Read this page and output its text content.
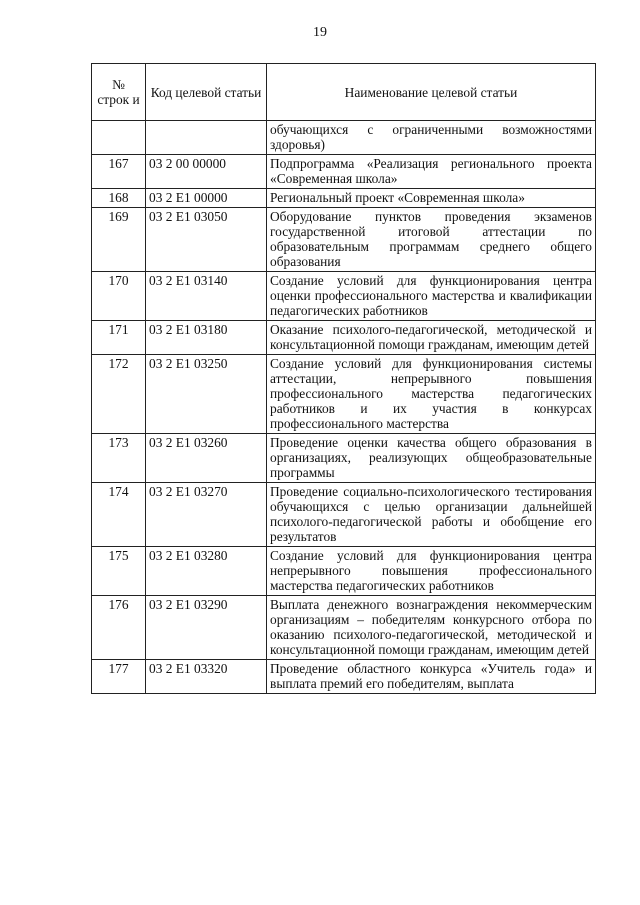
19
№ строк и	Код целевой статьи	Наименование целевой статьи
		обучающихся с ограниченными возможностями здоровья)
167	03 2 00 00000	Подпрограмма «Реализация регионального проекта «Современная школа»
168	03 2 E1 00000	Региональный проект «Современная школа»
169	03 2 E1 03050	Оборудование пунктов проведения экзаменов государственной итоговой аттестации по образовательным программам среднего общего образования
170	03 2 E1 03140	Создание условий для функционирования центра оценки профессионального мастерства и квалификации педагогических работников
171	03 2 E1 03180	Оказание психолого-педагогической, методической и консультационной помощи гражданам, имеющим детей
172	03 2 E1 03250	Создание условий для функционирования системы аттестации, непрерывного повышения профессионального мастерства педагогических работников и их участия в конкурсах профессионального мастерства
173	03 2 E1 03260	Проведение оценки качества общего образования в организациях, реализующих общеобразовательные программы
174	03 2 E1 03270	Проведение социально-психологического тестирования обучающихся с целью организации дальнейшей психолого-педагогической работы и обобщение его результатов
175	03 2 E1 03280	Создание условий для функционирования центра непрерывного повышения профессионального мастерства педагогических работников
176	03 2 E1 03290	Выплата денежного вознаграждения некоммерческим организациям – победителям конкурсного отбора по оказанию психолого-педагогической, методической и консультационной помощи гражданам, имеющим детей
177	03 2 E1 03320	Проведение областного конкурса «Учитель года» и выплата премий его победителям, выплата
